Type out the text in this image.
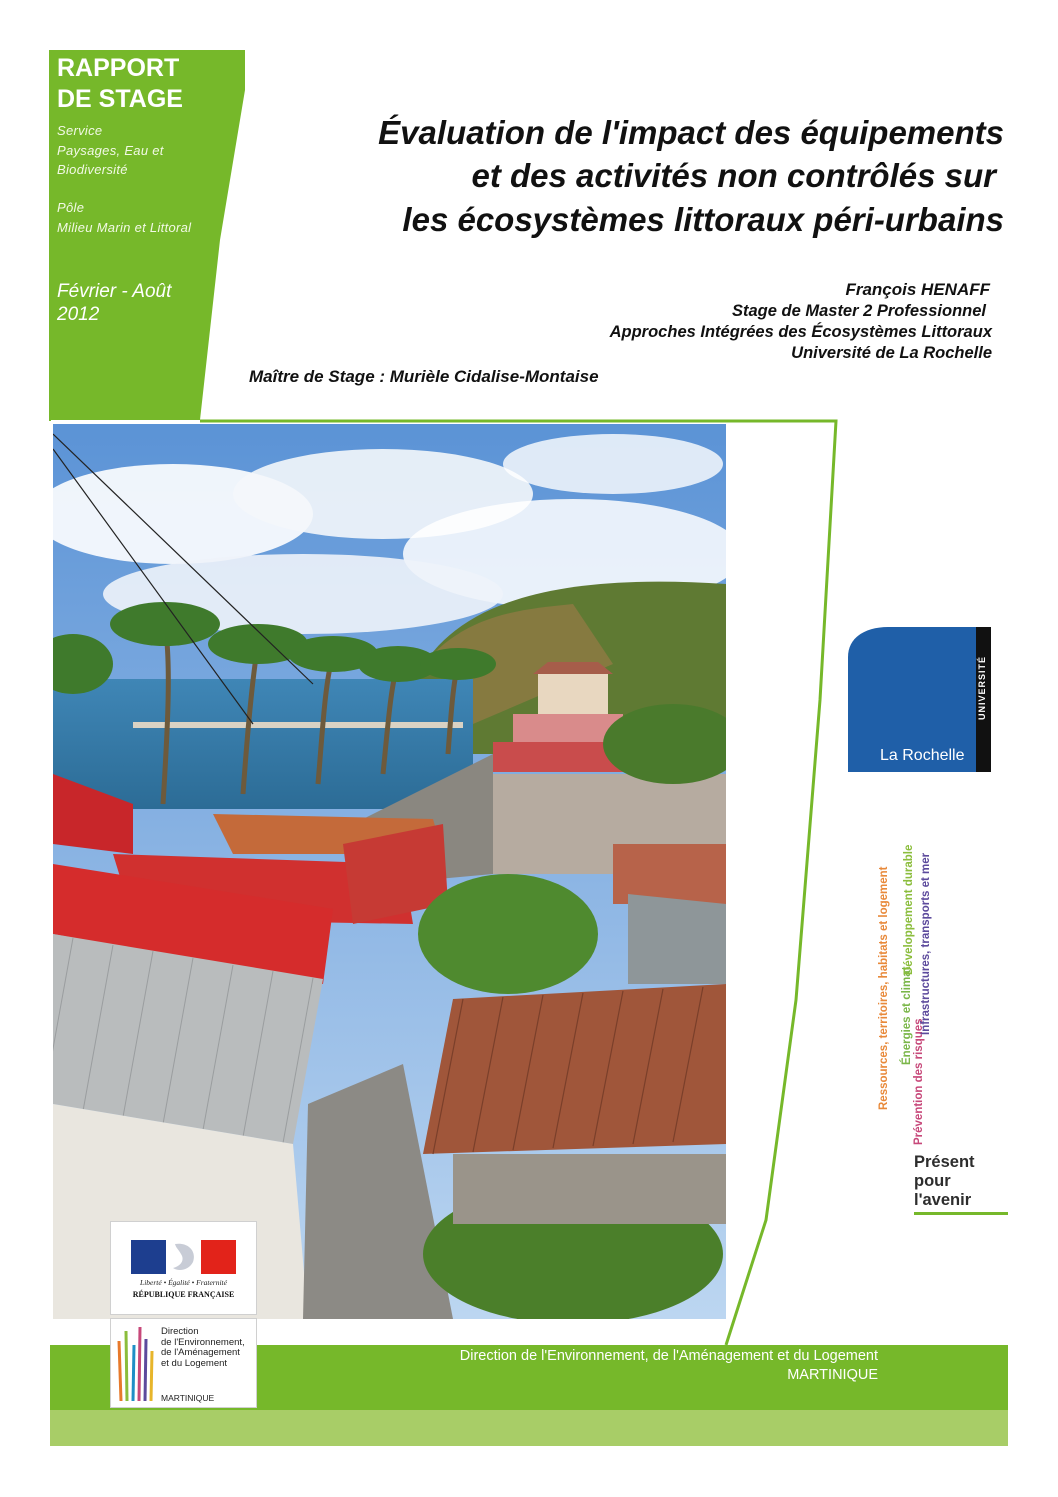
RAPPORT
DE STAGE
Service
Paysages, Eau et
Biodiversité
Pôle
Milieu Marin et Littoral
Février - Août
2012
Évaluation de l'impact des équipements
et des activités non contrôlés sur
les écosystèmes littoraux péri-urbains
François HENAFF
Stage de Master 2 Professionnel
Approches Intégrées des Écosystèmes Littoraux
Université de La Rochelle
Maître de Stage : Murièle Cidalise-Montaise
La Rochelle
UNIVERSITÉ
Ressources, territoires, habitats et logement Énergies et climat
Développement durable
Prévention des risques
Infrastructures, transports et mer
Présent
pour
l'avenir
Direction de l'Environnement, de l'Aménagement et du Logement
MARTINIQUE
Liberté • Égalité • Fraternité
RÉPUBLIQUE FRANÇAISE
Direction
de l'Environnement,
de l'Aménagement
et du Logement
MARTINIQUE
